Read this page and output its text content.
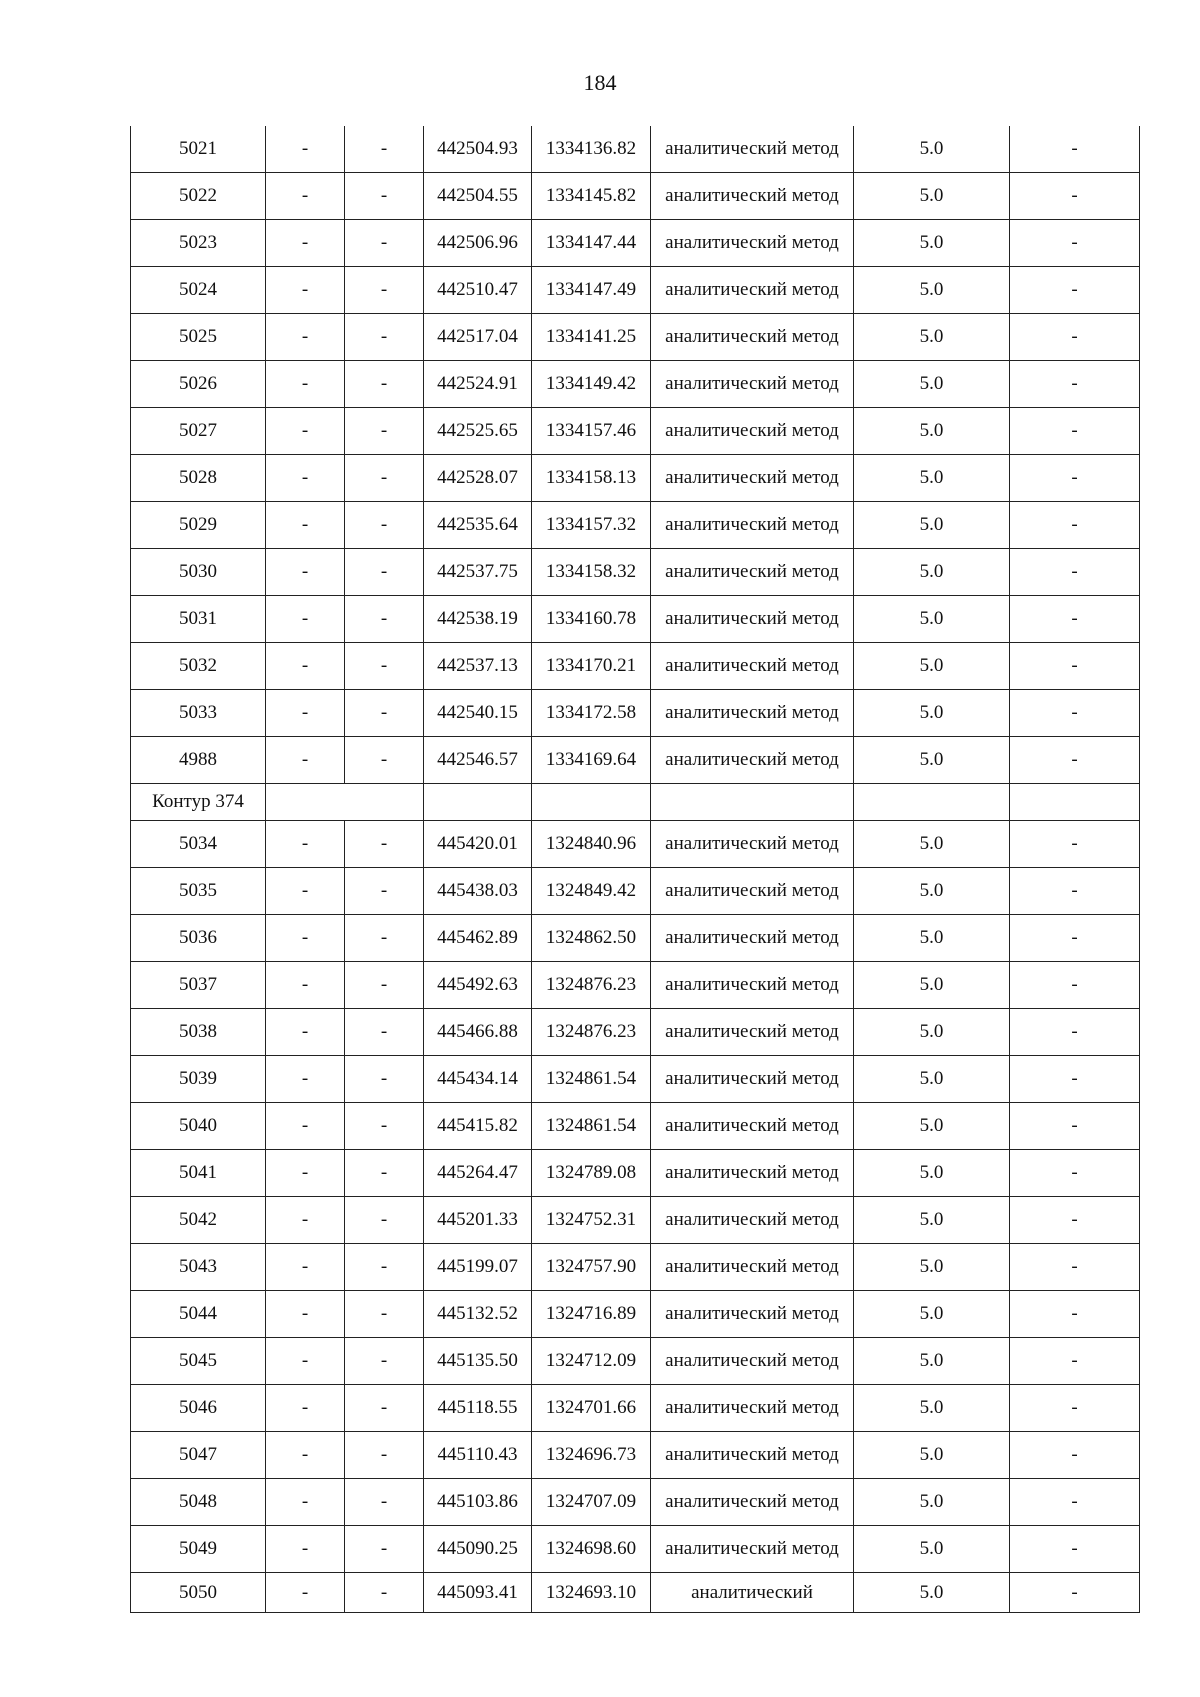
184
5021	-	-	442504.93	1334136.82	аналитический метод	5.0	-
5022	-	-	442504.55	1334145.82	аналитический метод	5.0	-
5023	-	-	442506.96	1334147.44	аналитический метод	5.0	-
5024	-	-	442510.47	1334147.49	аналитический метод	5.0	-
5025	-	-	442517.04	1334141.25	аналитический метод	5.0	-
5026	-	-	442524.91	1334149.42	аналитический метод	5.0	-
5027	-	-	442525.65	1334157.46	аналитический метод	5.0	-
5028	-	-	442528.07	1334158.13	аналитический метод	5.0	-
5029	-	-	442535.64	1334157.32	аналитический метод	5.0	-
5030	-	-	442537.75	1334158.32	аналитический метод	5.0	-
5031	-	-	442538.19	1334160.78	аналитический метод	5.0	-
5032	-	-	442537.13	1334170.21	аналитический метод	5.0	-
5033	-	-	442540.15	1334172.58	аналитический метод	5.0	-
4988	-	-	442546.57	1334169.64	аналитический метод	5.0	-
Контур 374							
5034	-	-	445420.01	1324840.96	аналитический метод	5.0	-
5035	-	-	445438.03	1324849.42	аналитический метод	5.0	-
5036	-	-	445462.89	1324862.50	аналитический метод	5.0	-
5037	-	-	445492.63	1324876.23	аналитический метод	5.0	-
5038	-	-	445466.88	1324876.23	аналитический метод	5.0	-
5039	-	-	445434.14	1324861.54	аналитический метод	5.0	-
5040	-	-	445415.82	1324861.54	аналитический метод	5.0	-
5041	-	-	445264.47	1324789.08	аналитический метод	5.0	-
5042	-	-	445201.33	1324752.31	аналитический метод	5.0	-
5043	-	-	445199.07	1324757.90	аналитический метод	5.0	-
5044	-	-	445132.52	1324716.89	аналитический метод	5.0	-
5045	-	-	445135.50	1324712.09	аналитический метод	5.0	-
5046	-	-	445118.55	1324701.66	аналитический метод	5.0	-
5047	-	-	445110.43	1324696.73	аналитический метод	5.0	-
5048	-	-	445103.86	1324707.09	аналитический метод	5.0	-
5049	-	-	445090.25	1324698.60	аналитический метод	5.0	-
5050	-	-	445093.41	1324693.10	аналитический	5.0	-
